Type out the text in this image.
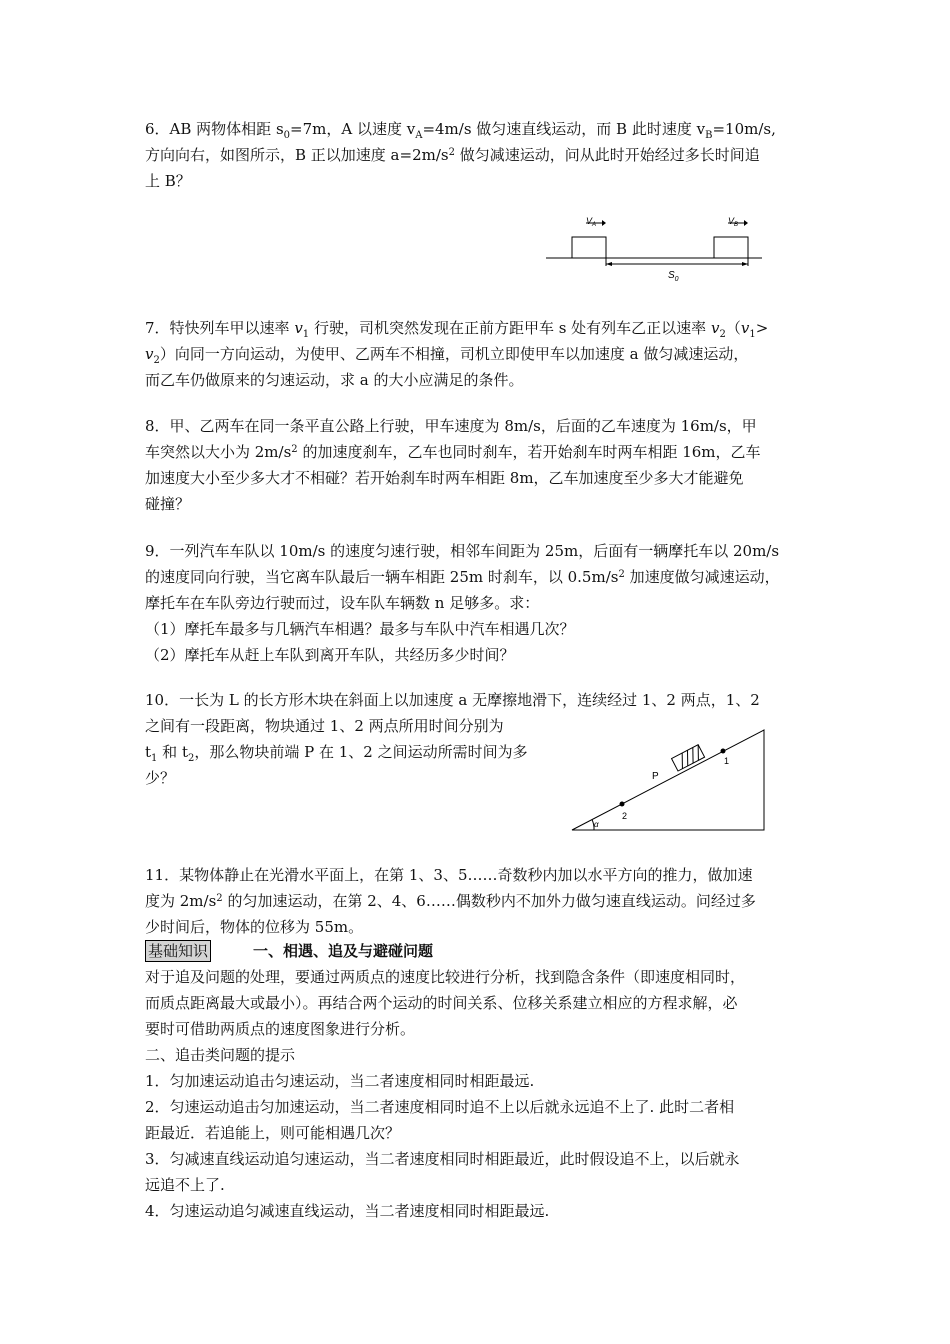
6．AB 两物体相距 $s_0=7m$，A 以速度 $v_A=4m/s$ 做匀速直线运动，而 B 此时速度 $v_B=10m/s$,
方向向右，如图所示，B 正以加速度 $a=2m/s^2$ 做匀减速运动，问从此时开始经过多长时间追
上 B？
$V_A$	$V_B$
$S_0$
7．特快列车甲以速率 $v_1$ 行驶，司机突然发现在正前方距甲车 s 处有列车乙正以速率 $v_2(v_1>$
$v_2$）向同一方向运动，为使甲、乙两车不相撞，司机立即使甲车以加速度 a 做匀减速运动，
而乙车仍做原来的匀速运动，求 a 的大小应满足的条件。
8．甲、乙两车在同一条平直公路上行驶，甲车速度为 8m/s，后面的乙车速度为 16m/s，甲
车突然以大小为 $2m/s^2$ 的加速度刹车，乙车也同时刹车，若开始刹车时两车相距 16m，乙车
加速度大小至少多大才不相碰？若开始刹车时两车相距 8m，乙车加速度至少多大才能避免
碰撞？
9．一列汽车车队以 10m/s 的速度匀速行驶，相邻车间距为 25m，后面有一辆摩托车以 20m/s
的速度同向行驶，当它离车队最后一辆车相距 25m 时刹车，以 $0.5m/s^2$ 加速度做匀减速运动，
摩托车在车队旁边行驶而过，设车队车辆数 n 足够多。求：
（1）摩托车最多与几辆汽车相遇？最多与车队中汽车相遇几次？
（2）摩托车从赶上车队到离开车队，共经历多少时间？
10．一长为 L 的长方形木块在斜面上以加速度 a 无摩擦地滑下，连续经过 1、2 两点，1、2
之间有一段距离，物块通过 1、2 两点所用时间分别为
$t_1$ 和 $t_2$，那么物块前端 P 在 1、2 之间运动所需时间为多
少？
α
P
1
2
11．某物体静止在光滑水平面上，在第 1、3、5……奇数秒内加以水平方向的推力，做加速
度为 $2m/s^2$ 的匀加速运动，在第 2、4、6……偶数秒内不加外力做匀速直线运动。问经过多
少时间后，物体的位移为 55m。
基础知识	一、相遇、追及与避碰问题
对于追及问题的处理，要通过两质点的速度比较进行分析，找到隐含条件（即速度相同时，
而质点距离最大或最小）。再结合两个运动的时间关系、位移关系建立相应的方程求解，必
要时可借助两质点的速度图象进行分析。
二、追击类问题的提示
1．匀加速运动追击匀速运动，当二者速度相同时相距最远.
2．匀速运动追击匀加速运动，当二者速度相同时追不上以后就永远追不上了. 此时二者相
距最近．若追能上，则可能相遇几次？
3．匀减速直线运动追匀速运动，当二者速度相同时相距最近，此时假设追不上，以后就永
远追不上了.
4．匀速运动追匀减速直线运动，当二者速度相同时相距最远.
